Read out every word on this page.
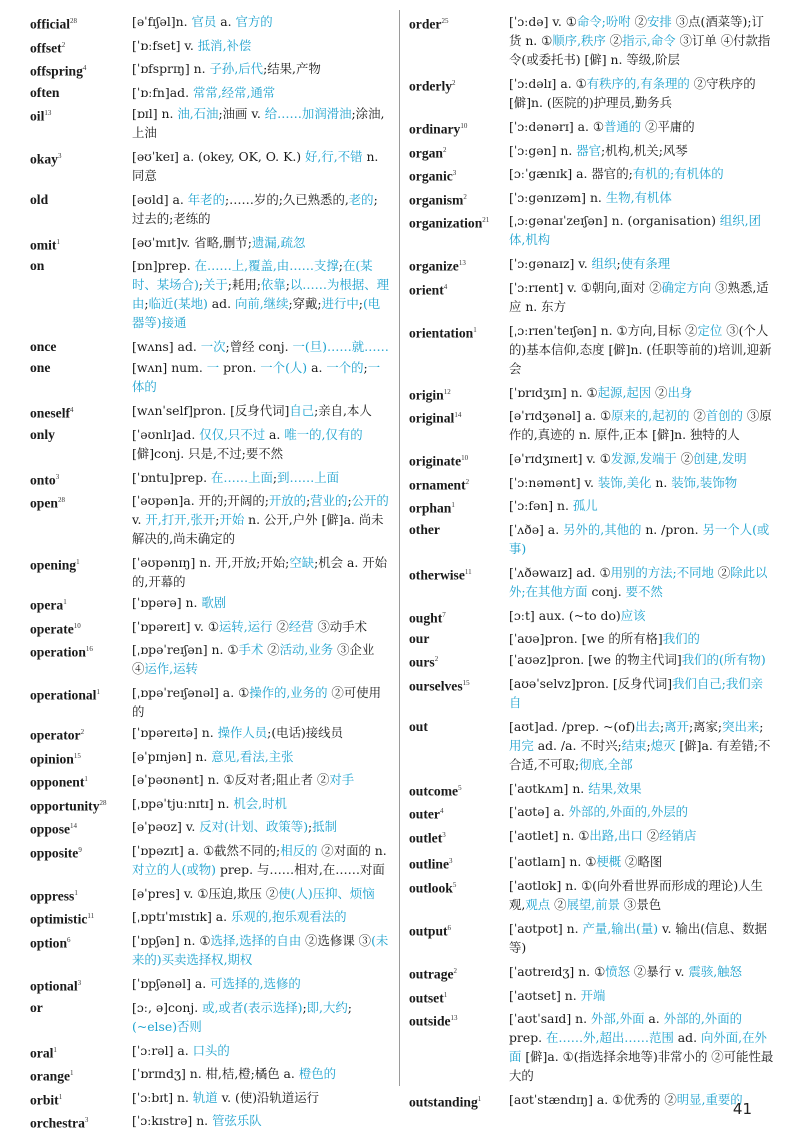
official$^{28}$	[əˈfɪʃəl]n. 官员 a. 官方的
offset$^2$	[ˈɒːfset] v. 抵消,补偿
offspring$^4$	[ˈɒfsprɪŋ] n. 子孙,后代;结果,产物
often	[ˈɒːfn]ad. 常常,经常,通常
oil$^{13}$	[ɒɪl] n. 油,石油;油画 v. 给……加润滑油;涂油,上油
okay$^3$	[əʊˈkeɪ] a. (okey, OK, O. K.) 好,行,不错 n. 同意
old	[əʊld] a. 年老的;……岁的;久已熟悉的,老的;过去的;老练的
omit$^1$	[əʊˈmɪt]v. 省略,删节;遗漏,疏忽
on	[ɒn]prep. 在……上,覆盖,由……支撑;在(某时、某场合);关于;耗用;依靠;以……为根据、理由;临近(某地) ad. 向前,继续;穿戴;进行中;(电器等)接通
once	[wʌns] ad. 一次;曾经 conj. 一(旦)……就……
one	[wʌn] num. 一 pron. 一个(人) a. 一个的;一体的
oneself$^4$	[wʌnˈself]pron. [反身代词]自己;亲自,本人
only	[ˈəʊnlɪ]ad. 仅仅,只不过 a. 唯一的,仅有的 [僻]conj. 只是,不过;要不然
onto$^3$	[ˈɒntu]prep. 在……上面;到……上面
open$^{28}$	[ˈəʊpən]a. 开的;开阔的;开放的;营业的;公开的 v. 开,打开,张开;开始 n. 公开,户外 [僻]a. 尚未解决的,尚未确定的
opening$^1$	[ˈəʊpənɪŋ] n. 开,开放;开始;空缺;机会 a. 开始的,开幕的
opera$^1$	[ˈɒpərə] n. 歌剧
operate$^{10}$	[ˈɒpəreɪt] v. ①运转,运行 ②经营 ③动手术
operation$^{16}$	[ˌɒpəˈreɪʃən] n. ①手术 ②活动,业务 ③企业 ④运作,运转
operational$^1$	[ˌɒpəˈreɪʃənəl] a. ①操作的,业务的 ②可使用的
operator$^2$	[ˈɒpəreɪtə] n. 操作人员;(电话)接线员
opinion$^{15}$	[əˈpɪnjən] n. 意见,看法,主张
opponent$^1$	[əˈpəʊnənt] n. ①反对者;阻止者 ②对手
opportunity$^{28}$	[ˌɒpəˈtjuːnɪtɪ] n. 机会,时机
oppose$^{14}$	[əˈpəʊz] v. 反对(计划、政策等);抵制
opposite$^9$	[ˈɒpəzɪt] a. ①截然不同的;相反的 ②对面的 n. 对立的人(或物) prep. 与……相对,在……对面
oppress$^1$	[əˈpres] v. ①压迫,欺压 ②使(人)压抑、烦恼
optimistic$^{11}$	[ˌɒptɪˈmɪstɪk] a. 乐观的,抱乐观看法的
option$^6$	[ˈɒpʃən] n. ①选择,选择的自由 ②选修课 ③(未来的)买卖选择权,期权
optional$^3$	[ˈɒpʃənəl] a. 可选择的,选修的
or	[ɔː, ə]conj. 或,或者(表示选择);即,大约;(~else)否则
oral$^1$	[ˈɔːrəl] a. 口头的
orange$^1$	[ˈɒrɪndʒ] n. 柑,桔,橙;橘色 a. 橙色的
orbit$^1$	[ˈɔːbɪt] n. 轨道 v. (使)沿轨道运行
orchestra$^3$	[ˈɔːkɪstrə] n. 管弦乐队
order$^{25}$	[ˈɔːdə] v. ①命令;吩咐 ②安排 ③点(酒菜等);订货 n. ①顺序,秩序 ②指示,命令 ③订单 ④付款指令(或委托书) [僻] n. 等级,阶层
orderly$^2$	[ˈɔːdəlɪ] a. ①有秩序的,有条理的 ②守秩序的 [僻]n. (医院的)护理员,勤务兵
ordinary$^{10}$	[ˈɔːdənərɪ] a. ①普通的 ②平庸的
organ$^2$	[ˈɔːgən] n. 器官;机构,机关;风琴
organic$^3$	[ɔːˈgænɪk] a. 器官的;有机的;有机体的
organism$^2$	[ˈɔːgənɪzəm] n. 生物,有机体
organization$^{21}$	[ˌɔːgənaɪˈzeɪʃən] n. (organisation) 组织,团体,机构
organize$^{13}$	[ˈɔːgənaɪz] v. 组织;使有条理
orient$^4$	[ˈɔːrɪent] v. ①朝向,面对 ②确定方向 ③熟悉,适应 n. 东方
orientation$^1$	[ˌɔːrɪenˈteɪʃən] n. ①方向,目标 ②定位 ③(个人的)基本信仰,态度 [僻]n. (任职等前的)培训,迎新会
origin$^{12}$	[ˈɒrɪdʒɪn] n. ①起源,起因 ②出身
original$^{14}$	[əˈrɪdʒənəl] a. ①原来的,起初的 ②首创的 ③原作的,真迹的 n. 原件,正本 [僻]n. 独特的人
originate$^{10}$	[əˈrɪdʒɪneɪt] v. ①发源,发端于 ②创建,发明
ornament$^2$	[ˈɔːnəmənt] v. 装饰,美化 n. 装饰,装饰物
orphan$^1$	[ˈɔːfən] n. 孤儿
other	[ˈʌðə] a. 另外的,其他的 n. /pron. 另一个人(或事)
otherwise$^{11}$	[ˈʌðəwaɪz] ad. ①用别的方法;不同地 ②除此以外;在其他方面 conj. 要不然
ought$^7$	[ɔːt] aux. (~to do)应该
our	[ˈaʊə]pron. [we 的所有格]我们的
ours$^2$	[ˈaʊəz]pron. [we 的物主代词]我们的(所有物)
ourselves$^{15}$	[aʊəˈselvz]pron. [反身代词]我们自己;我们亲自
out	[aʊt]ad. /prep. ~(of)出去;离开;离家;突出来;用完 ad. /a. 不时兴;结束;熄灭 [僻]a. 有差错;不合适,不可取;彻底,全部
outcome$^5$	[ˈaʊtkʌm] n. 结果,效果
outer$^4$	[ˈaʊtə] a. 外部的,外面的,外层的
outlet$^3$	[ˈaʊtlet] n. ①出路,出口 ②经销店
outline$^3$	[ˈaʊtlaɪn] n. ①梗概 ②略图
outlook$^5$	[ˈaʊtlʊk] n. ①(向外看世界而形成的理论)人生观,观点 ②展望,前景 ③景色
output$^6$	[ˈaʊtpʊt] n. 产量,输出(量) v. 输出(信息、数据等)
outrage$^2$	[ˈaʊtreɪdʒ] n. ①愤怒 ②暴行 v. 震骇,触怒
outset$^1$	[ˈaʊtset] n. 开端
outside$^{13}$	[ˈaʊtˈsaɪd] n. 外部,外面 a. 外部的,外面的 prep. 在……外,超出……范围 ad. 向外面,在外面 [僻]a. ①(指选择余地等)非常小的 ②可能性最大的
outstanding$^1$	[aʊtˈstændɪŋ] a. ①优秀的 ②明显,重要的
41
